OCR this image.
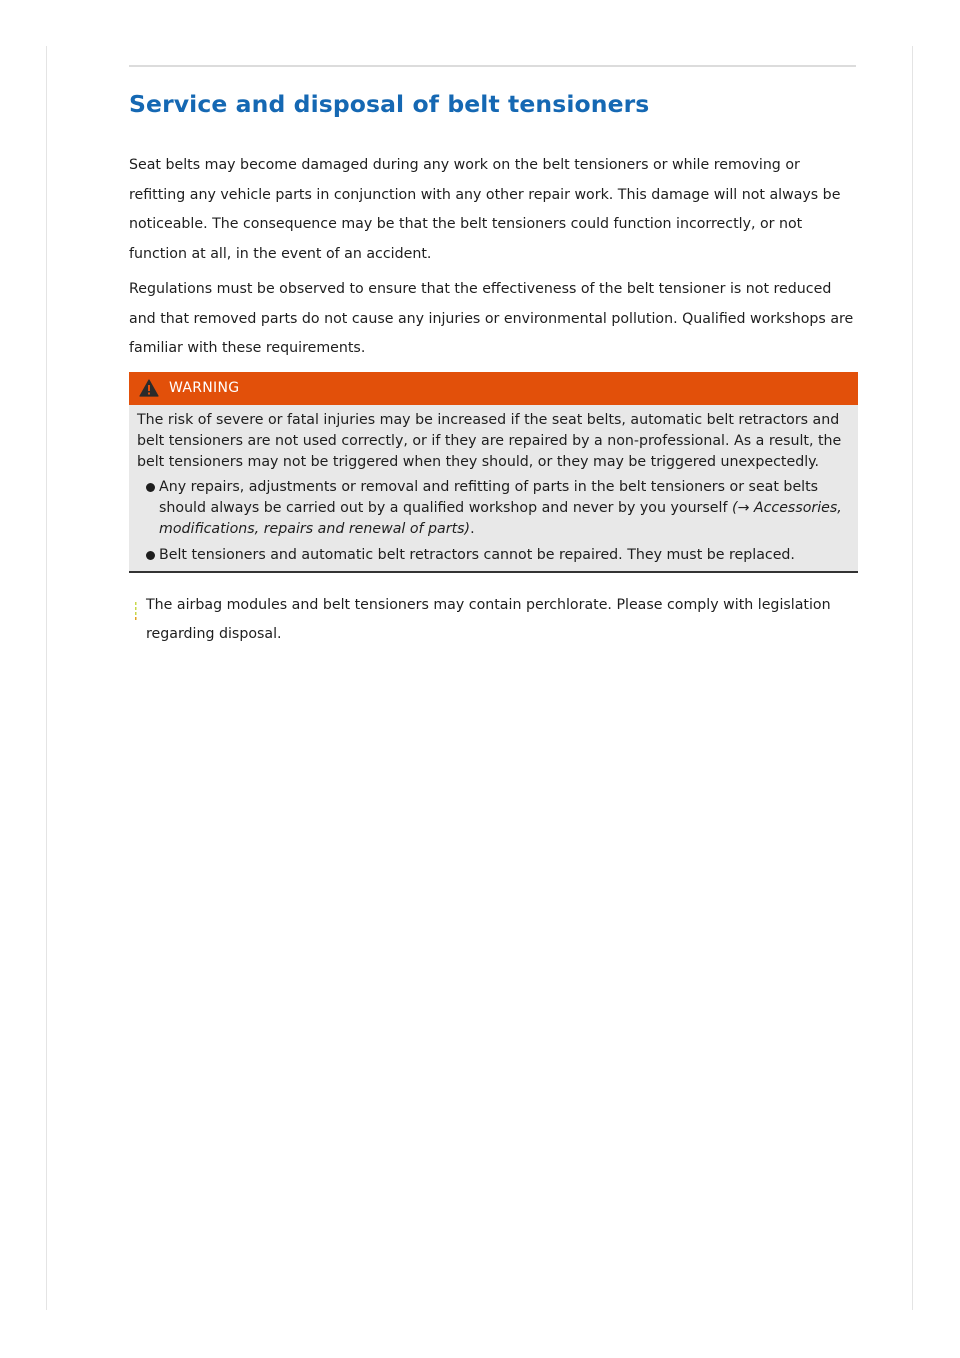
Service and disposal of belt tensioners

Seat belts may become damaged during any work on the belt tensioners or while removing or refitting any vehicle parts in conjunction with any other repair work. This damage will not always be noticeable. The consequence may be that the belt tensioners could function incorrectly, or not function at all, in the event of an accident.

Regulations must be observed to ensure that the effectiveness of the belt tensioner is not reduced and that removed parts do not cause any injuries or environmental pollution. Qualified workshops are familiar with these requirements.

WARNING

The risk of severe or fatal injuries may be increased if the seat belts, automatic belt retractors and belt tensioners are not used correctly, or if they are repaired by a non-professional. As a result, the belt tensioners may not be triggered when they should, or they may be triggered unexpectedly.

Any repairs, adjustments or removal and refitting of parts in the belt tensioners or seat belts should always be carried out by a qualified workshop and never by you yourself (→ Accessories, modifications, repairs and renewal of parts).
Belt tensioners and automatic belt retractors cannot be repaired. They must be replaced.
The airbag modules and belt tensioners may contain perchlorate. Please comply with legislation regarding disposal.
